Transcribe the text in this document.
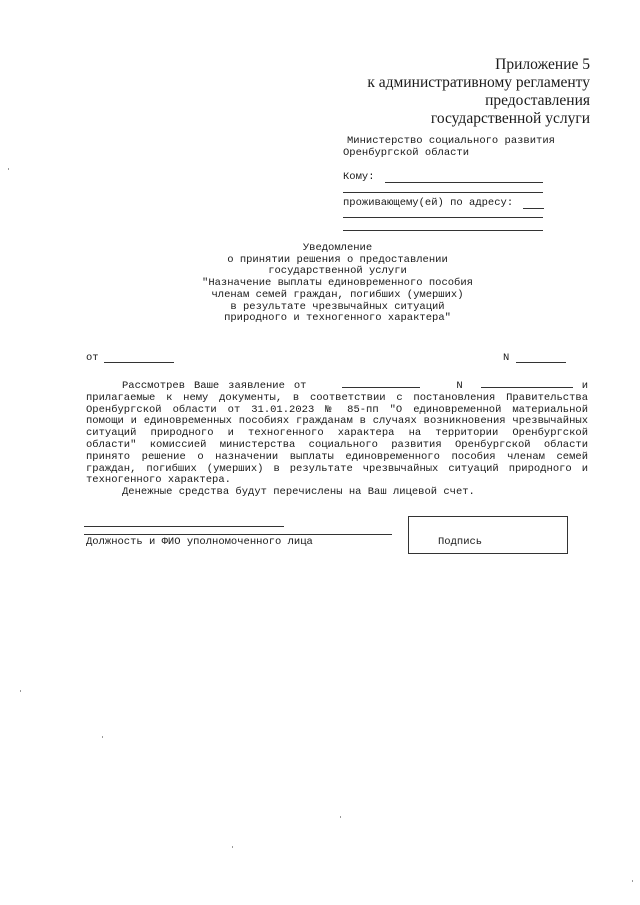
Приложение 5
к административному регламенту
предоставления
государственной услуги
Министерство социального развития
Оренбургской области
Кому:
проживающему(ей) по адресу:
Уведомление
о принятии решения о предоставлении
государственной услуги
"Назначение выплаты единовременного пособия
членам семей граждан, погибших (умерших)
в результате чрезвычайных ситуаций
природного и техногенного характера"
от	N

Рассмотрев Ваше заявление от	N	и прилагаемые к нему документы, в соответствии с постановления Правительства Оренбургской области от 31.01.2023 № 85-пп "О единовременной материальной помощи и единовременных пособиях гражданам в случаях возникновения чрезвычайных ситуаций природного и техногенного характера на территории Оренбургской области" комиссией министерства социального развития Оренбургской области принято решение о назначении выплаты единовременного пособия членам семей граждан, погибших (умерших) в результате чрезвычайных ситуаций природного и техногенного характера.

Денежные средства будут перечислены на Ваш лицевой счет.

Должность и ФИО уполномоченного лица	Подпись
